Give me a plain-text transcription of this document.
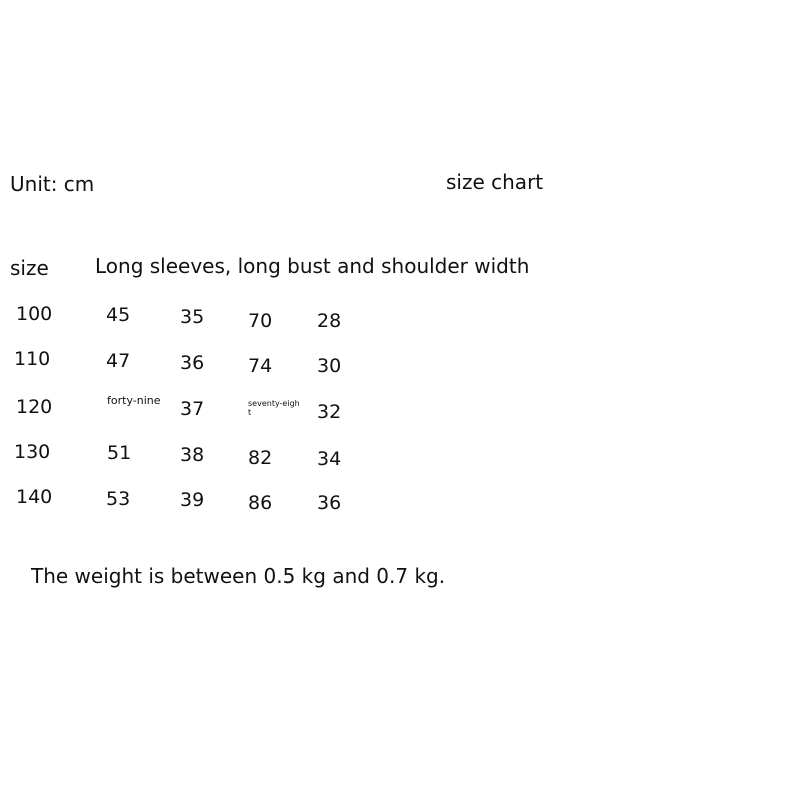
Unit: cm	size chart
size Long sleeves, long bust and shoulder width
100	45	35 70 28
110	47	36 74 30
120	forty-nine 37	seventy-eight	32
130	51	38 82 34
140	53	39 86 36
The weight is between 0.5 kg and 0.7 kg.
